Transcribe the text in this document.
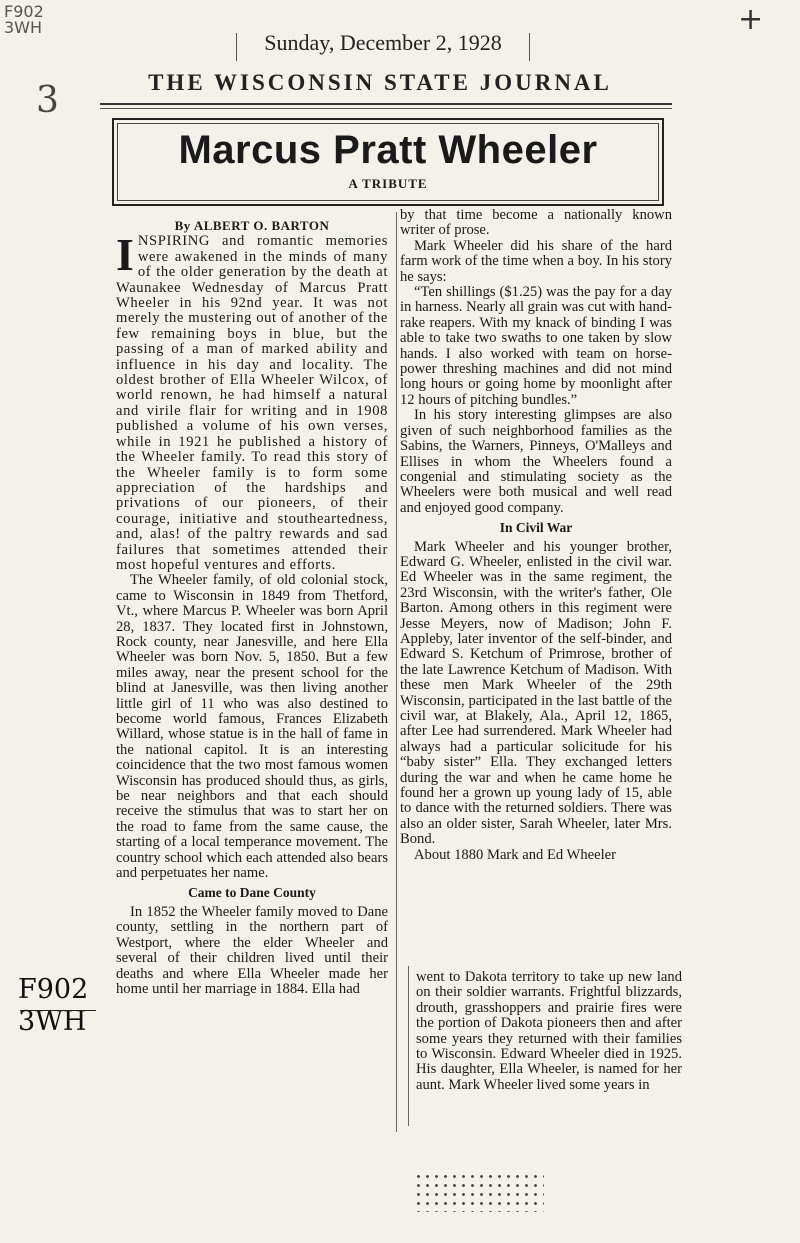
F902
3WH
3
+
F902
3WH
Sunday, December 2, 1928
THE WISCONSIN STATE JOURNAL
Marcus Pratt Wheeler
A TRIBUTE
By ALBERT O. BARTON

INSPIRING and romantic memories were awakened in the minds of many of the older generation by the death at Waunakee Wednesday of Marcus Pratt Wheeler in his 92nd year. It was not merely the mustering out of another of the few remaining boys in blue, but the passing of a man of marked ability and influence in his day and locality. The oldest brother of Ella Wheeler Wilcox, of world renown, he had himself a natural and virile flair for writing and in 1908 published a volume of his own verses, while in 1921 he published a history of the Wheeler family. To read this story of the Wheeler family is to form some appreciation of the hardships and privations of our pioneers, of their courage, initiative and stoutheartedness, and, alas! of the paltry rewards and sad failures that sometimes attended their most hopeful ventures and efforts.

The Wheeler family, of old colonial stock, came to Wisconsin in 1849 from Thetford, Vt., where Marcus P. Wheeler was born April 28, 1837. They located first in Johnstown, Rock county, near Janesville, and here Ella Wheeler was born Nov. 5, 1850. But a few miles away, near the present school for the blind at Janesville, was then living another little girl of 11 who was also destined to become world famous, Frances Elizabeth Willard, whose statue is in the hall of fame in the national capitol. It is an interesting coincidence that the two most famous women Wisconsin has produced should thus, as girls, be near neighbors and that each should receive the stimulus that was to start her on the road to fame from the same cause, the starting of a local temperance movement. The country school which each attended also bears and perpetuates her name.

Came to Dane County

In 1852 the Wheeler family moved to Dane county, settling in the northern part of Westport, where the elder Wheeler and several of their children lived until their deaths and where Ella Wheeler made her home until her marriage in 1884. Ella had

by that time become a nationally known writer of prose.

Mark Wheeler did his share of the hard farm work of the time when a boy. In his story he says:

“Ten shillings ($1.25) was the pay for a day in harness. Nearly all grain was cut with hand-rake reapers. With my knack of binding I was able to take two swaths to one taken by slow hands. I also worked with team on horse-power threshing machines and did not mind long hours or going home by moonlight after 12 hours of pitching bundles.”

In his story interesting glimpses are also given of such neighborhood families as the Sabins, the Warners, Pinneys, O'Malleys and Ellises in whom the Wheelers found a congenial and stimulating society as the Wheelers were both musical and well read and enjoyed good company.

In Civil War

Mark Wheeler and his younger brother, Edward G. Wheeler, enlisted in the civil war. Ed Wheeler was in the same regiment, the 23rd Wisconsin, with the writer's father, Ole Barton. Among others in this regiment were Jesse Meyers, now of Madison; John F. Appleby, later inventor of the self-binder, and Edward S. Ketchum of Primrose, brother of the late Lawrence Ketchum of Madison. With these men Mark Wheeler of the 29th Wisconsin, participated in the last battle of the civil war, at Blakely, Ala., April 12, 1865, after Lee had surrendered. Mark Wheeler had always had a particular solicitude for his “baby sister” Ella. They exchanged letters during the war and when he came home he found her a grown up young lady of 15, able to dance with the returned soldiers. There was also an older sister, Sarah Wheeler, later Mrs. Bond.

About 1880 Mark and Ed Wheeler

went to Dakota territory to take up new land on their soldier warrants. Frightful blizzards, drouth, grasshoppers and prairie fires were the portion of Dakota pioneers then and after some years they returned with their families to Wisconsin. Edward Wheeler died in 1925. His daughter, Ella Wheeler, is named for her aunt. Mark Wheeler lived some years in
